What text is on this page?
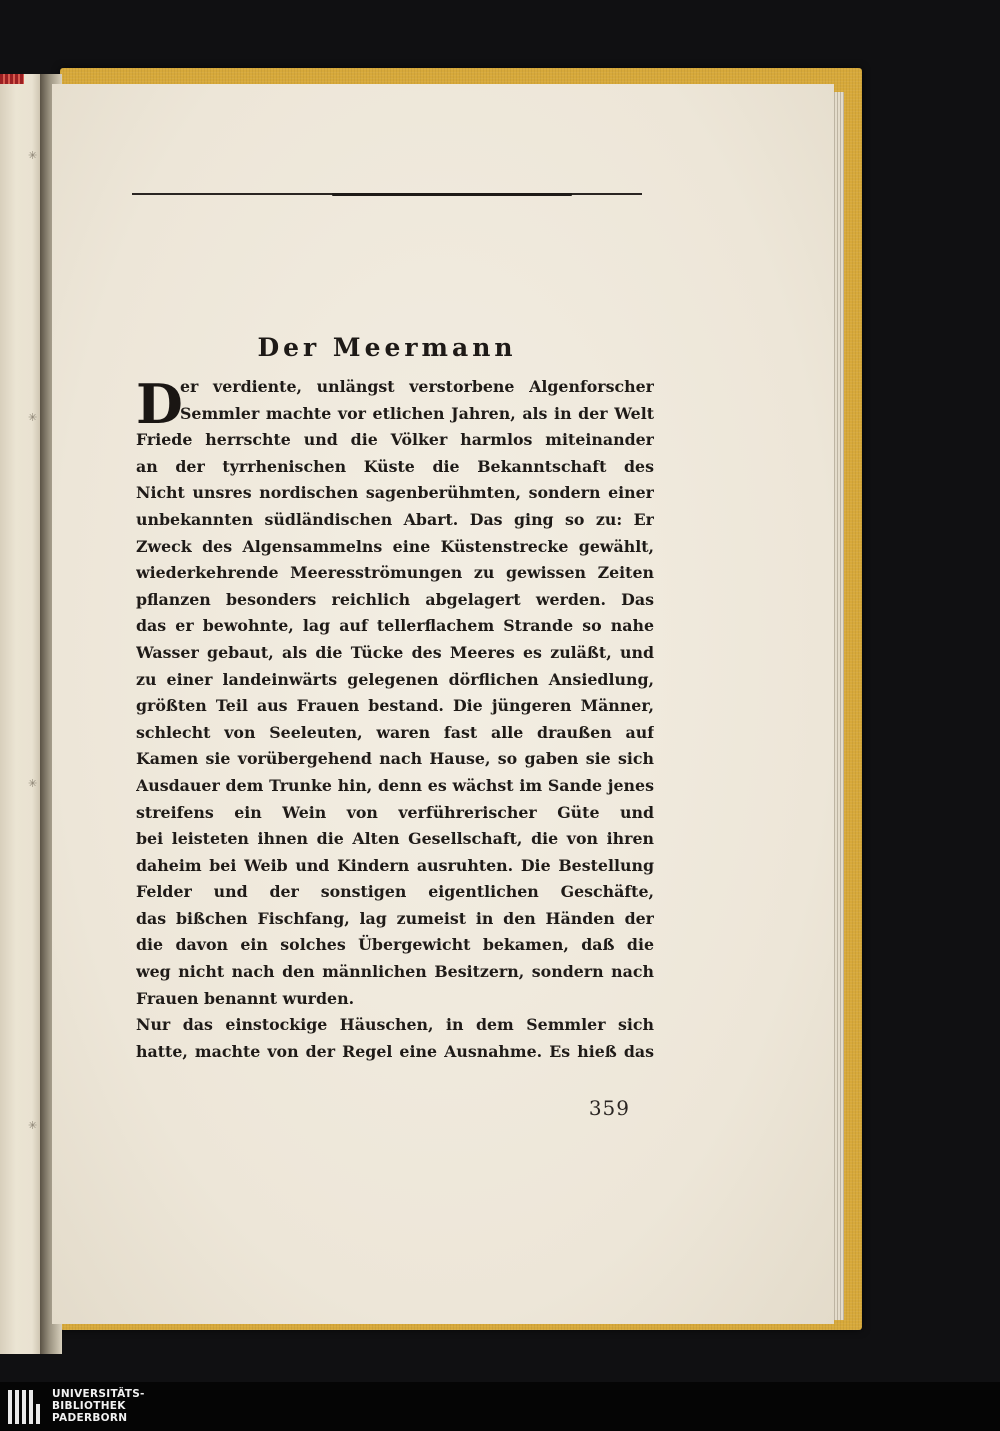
✳
✳
✳
✳
Der Meermann
D
er verdiente, unlängst verstorbene Algenforscher
Semmler machte vor etlichen Jahren, als in der Welt
Friede herrschte und die Völker harmlos miteinander
an der tyrrhenischen Küste die Bekanntschaft des
Nicht unsres nordischen sagenberühmten, sondern einer
unbekannten südländischen Abart. Das ging so zu: Er
Zweck des Algensammelns eine Küstenstrecke gewählt,
wiederkehrende Meeresströmungen zu gewissen Zeiten
pflanzen besonders reichlich abgelagert werden. Das
das er bewohnte, lag auf tellerflachem Strande so nahe
Wasser gebaut, als die Tücke des Meeres es zuläßt, und
zu einer landeinwärts gelegenen dörflichen Ansiedlung,
größten Teil aus Frauen bestand. Die jüngeren Männer,
schlecht von Seeleuten, waren fast alle draußen auf
Kamen sie vorübergehend nach Hause, so gaben sie sich
Ausdauer dem Trunke hin, denn es wächst im Sande jenes
streifens ein Wein von verführerischer Güte und
bei leisteten ihnen die Alten Gesellschaft, die von ihren
daheim bei Weib und Kindern ausruhten. Die Bestellung
Felder und der sonstigen eigentlichen Geschäfte,
das bißchen Fischfang, lag zumeist in den Händen der
die davon ein solches Übergewicht bekamen, daß die
weg nicht nach den männlichen Besitzern, sondern nach
Frauen benannt wurden.
Nur das einstockige Häuschen, in dem Semmler sich
hatte, machte von der Regel eine Ausnahme. Es hieß das
359
UNIVERSITÄTS-
BIBLIOTHEK
PADERBORN
